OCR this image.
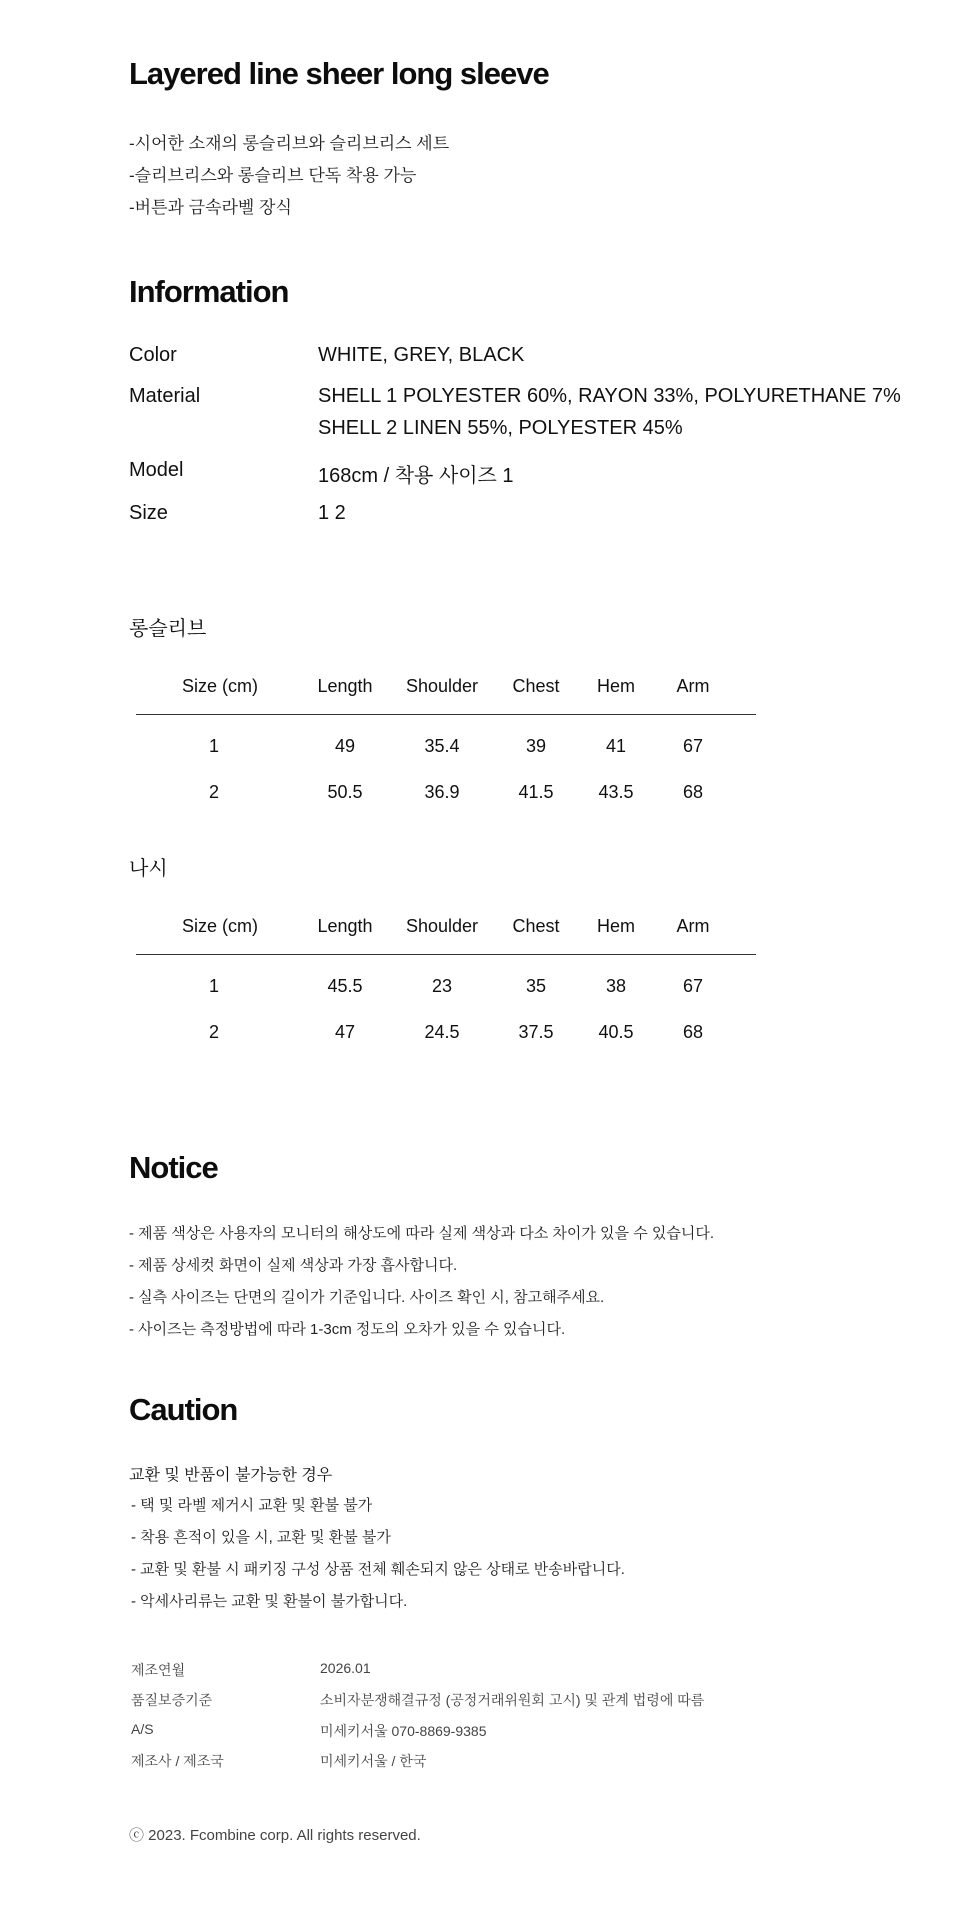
Layered line sheer long sleeve
-시어한 소재의 롱슬리브와 슬리브리스 세트
-슬리브리스와 롱슬리브 단독 착용 가능
-버튼과 금속라벨 장식
Information
Color	WHITE, GREY, BLACK
Material	SHELL 1 POLYESTER 60%, RAYON 33%, POLYURETHANE 7%
SHELL 2 LINEN 55%, POLYESTER 45%
Model	168cm / 착용 사이즈 1
Size	1 2
롱슬리브
Size (cm)	Length	Shoulder	Chest	Hem	Arm
1	49	35.4	39	41	67
2	50.5	36.9	41.5	43.5	68
나시
Size (cm)	Length	Shoulder	Chest	Hem	Arm
1	45.5	23	35	38	67
2	47	24.5	37.5	40.5	68
Notice
- 제품 색상은 사용자의 모니터의 해상도에 따라 실제 색상과 다소 차이가 있을 수 있습니다.
- 제품 상세컷 화면이 실제 색상과 가장 흡사합니다.
- 실측 사이즈는 단면의 길이가 기준입니다. 사이즈 확인 시, 참고해주세요.
- 사이즈는 측정방법에 따라 1-3cm 정도의 오차가 있을 수 있습니다.
Caution
교환 및 반품이 불가능한 경우
- 택 및 라벨 제거시 교환 및 환불 불가
- 착용 흔적이 있을 시, 교환 및 환불 불가
- 교환 및 환불 시 패키징 구성 상품 전체 훼손되지 않은 상태로 반송바랍니다.
- 악세사리류는 교환 및 환불이 불가합니다.
제조연월	2026.01
품질보증기준	소비자분쟁해결규정 (공정거래위원회 고시) 및 관계 법령에 따름
A/S	미세키서울 070-8869-9385
제조사 / 제조국	미세키서울 / 한국
ⓒ 2023. Fcombine corp. All rights reserved.
